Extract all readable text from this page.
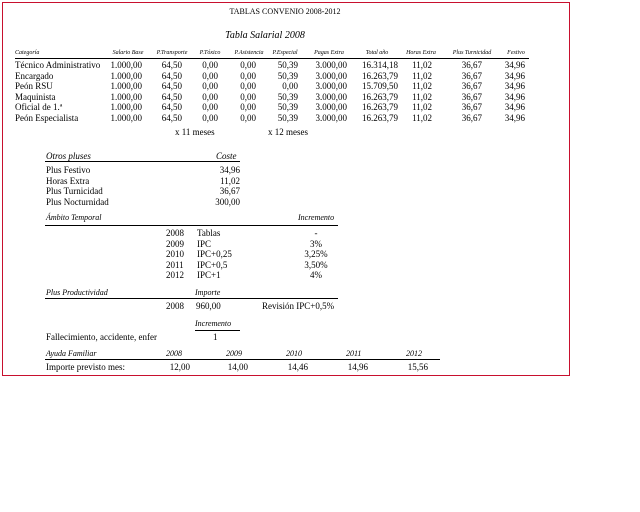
TABLAS CONVENIO 2008-2012
Tabla Salarial 2008
Categoría	Salario Base	P.Transporte	P.Tóxico	P.Asistencia	P.Especial	Pagas Extra	Total año	Horas Extra	Plus Turnicidad	Festivo
Técnico Administrativo	1.000,00	64,50	0,00	0,00	50,39	3.000,00	16.314,18	11,02	36,67	34,96
Encargado	1.000,00	64,50	0,00	0,00	50,39	3.000,00	16.263,79	11,02	36,67	34,96
Peón RSU	1.000,00	64,50	0,00	0,00	0,00	3.000,00	15.709,50	11,02	36,67	34,96
Maquinista	1.000,00	64,50	0,00	0,00	50,39	3.000,00	16.263,79	11,02	36,67	34,96
Oficial de 1.ª	1.000,00	64,50	0,00	0,00	50,39	3.000,00	16.263,79	11,02	36,67	34,96
Peón Especialista	1.000,00	64,50	0,00	0,00	50,39	3.000,00	16.263,79	11,02	36,67	34,96
x 11 meses	x 12 meses
Otros pluses	Coste
Plus Festivo	34,96
Horas Extra	11,02
Plus Turnicidad	36,67
Plus Nocturnidad	300,00
Ámbito Temporal	Incremento
2008 Tablas	-
2009 IPC	3%
2010 IPC+0,25	3,25%
2011 IPC+0,5	3,50%
2012 IPC+1	4%
Plus Productividad	Importe
2008 960,00	Revisión IPC+0,5%
Incremento
Fallecimiento, accidente, enfer	1
Ayuda Familiar	2008	2009	2010	2011	2012
Importe previsto mes:	12,00	14,00	14,46	14,96	15,56
